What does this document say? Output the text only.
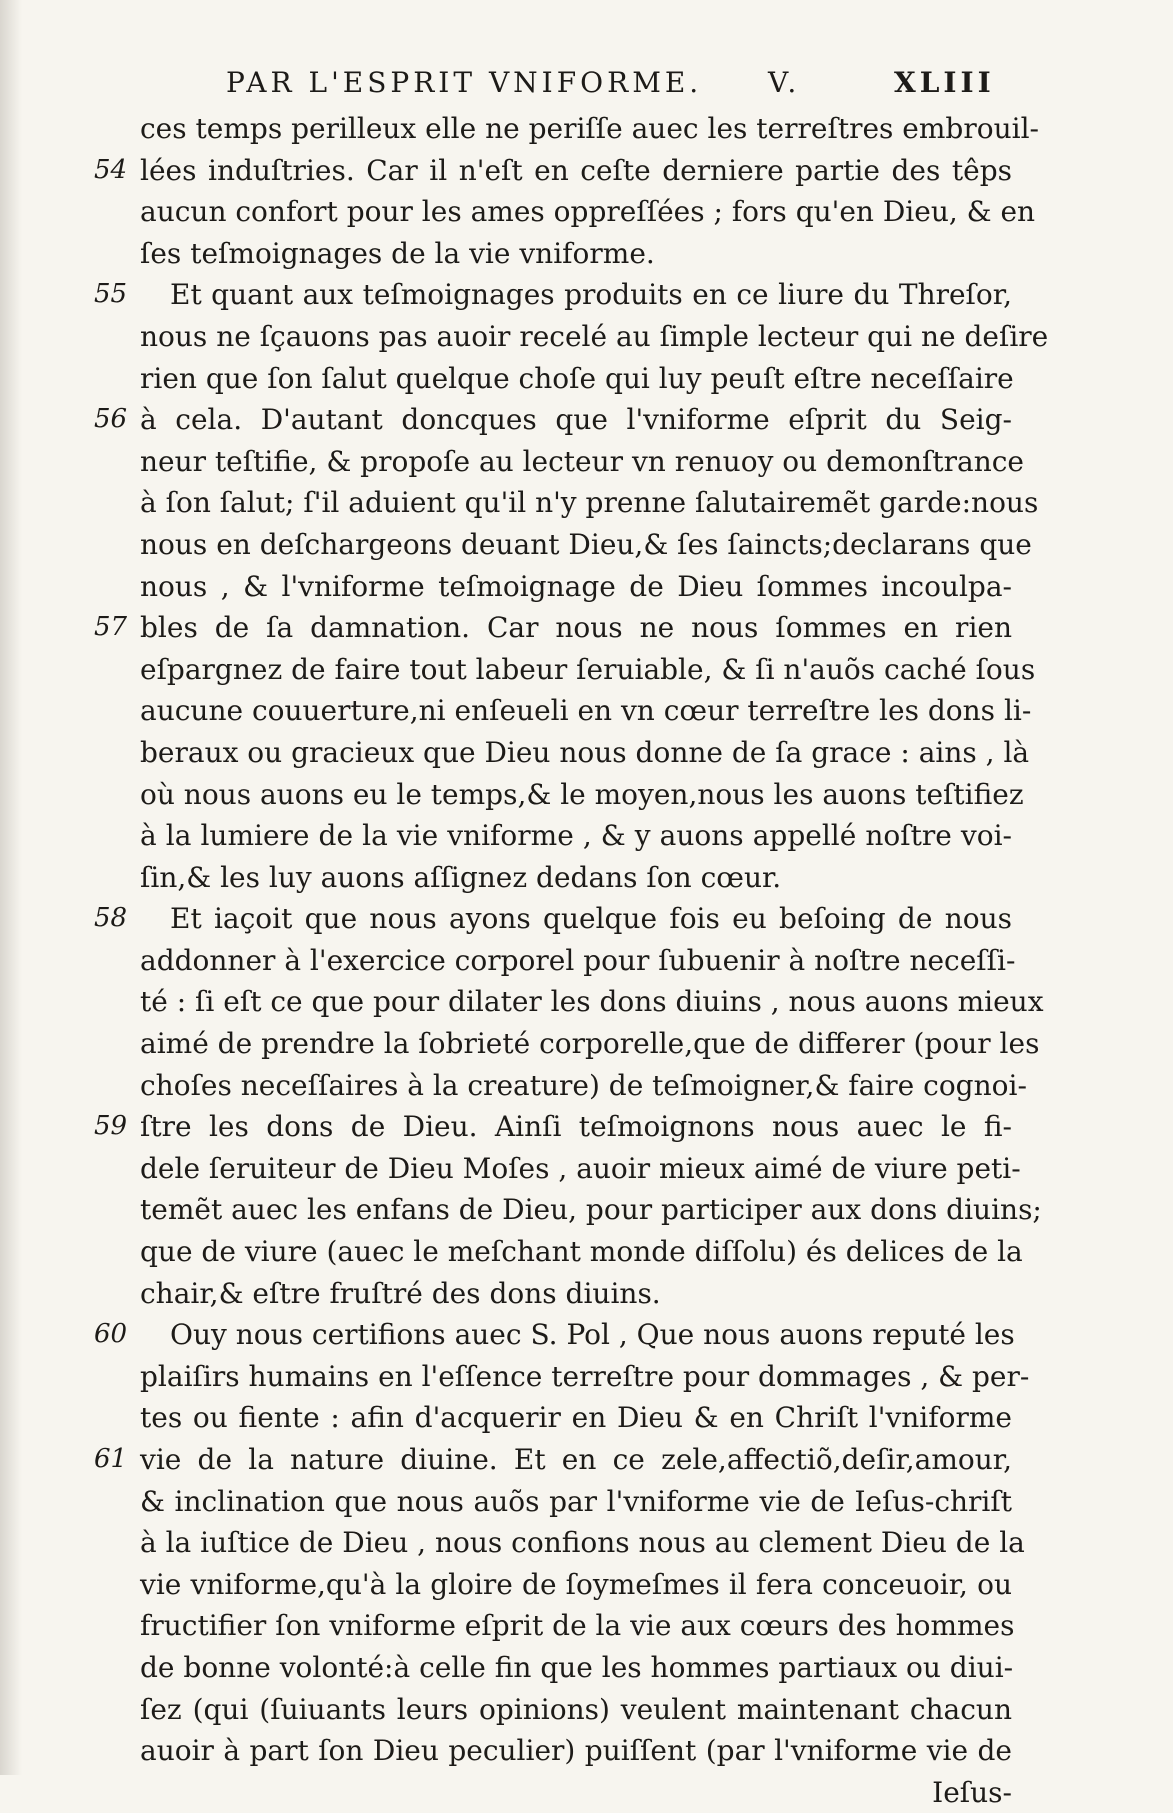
PAR L'ESPRIT VNIFORME. V.	XLIII
ces temps perilleux elle ne periſſe auec les terreſtres embrouil-
54 lées induſtries. Car il n'eſt en ceſte derniere partie des têps
aucun confort pour les ames oppreſſées ; fors qu'en Dieu, & en
ſes teſmoignages de la vie vniforme.
55 Et quant aux teſmoignages produits en ce liure du Threſor,
nous ne ſçauons pas auoir recelé au ſimple lecteur qui ne deſire
rien que ſon ſalut quelque choſe qui luy peuſt eſtre neceſſaire
56 à cela. D'autant doncques que l'vniforme eſprit du Seig-
neur teſtifie, & propoſe au lecteur vn renuoy ou demonſtrance
à ſon ſalut; ſ'il aduient qu'il n'y prenne ſalutairemẽt garde:nous
nous en deſchargeons deuant Dieu,& ſes ſaincts;declarans que
nous , & l'vniforme teſmoignage de Dieu ſommes incoulpa-
57 bles de ſa damnation. Car nous ne nous ſommes en rien
eſpargnez de faire tout labeur ſeruiable, & ſi n'auõs caché ſous
aucune couuerture,ni enſeueli en vn cœur terreſtre les dons li-
beraux ou gracieux que Dieu nous donne de ſa grace : ains , là
où nous auons eu le temps,& le moyen,nous les auons teſtifiez
à la lumiere de la vie vniforme , & y auons appellé noſtre voi-
ſin,& les luy auons aſſignez dedans ſon cœur.
58 Et iaçoit que nous ayons quelque fois eu beſoing de nous
addonner à l'exercice corporel pour ſubuenir à noſtre neceſſi-
té : ſi eſt ce que pour dilater les dons diuins , nous auons mieux
aimé de prendre la ſobrieté corporelle,que de differer (pour les
choſes neceſſaires à la creature) de teſmoigner,& faire cognoi-
59 ſtre les dons de Dieu. Ainſi teſmoignons nous auec le fi-
dele ſeruiteur de Dieu Moſes , auoir mieux aimé de viure peti-
temẽt auec les enfans de Dieu, pour participer aux dons diuins;
que de viure (auec le meſchant monde diſſolu) és delices de la
chair,& eſtre fruſtré des dons diuins.
60 Ouy nous certifions auec S. Pol , Que nous auons reputé les
plaiſirs humains en l'eſſence terreſtre pour dommages , & per-
tes ou fiente : afin d'acquerir en Dieu & en Chriſt l'vniforme
61 vie de la nature diuine. Et en ce zele,affectiõ,deſir,amour,
& inclination que nous auõs par l'vniforme vie de Ieſus-chriſt
à la iuſtice de Dieu , nous confions nous au clement Dieu de la
vie vniforme,qu'à la gloire de ſoymeſmes il fera conceuoir, ou
fructifier ſon vniforme eſprit de la vie aux cœurs des hommes
de bonne volonté:à celle fin que les hommes partiaux ou diui-
ſez (qui (ſuiuants leurs opinions) veulent maintenant chacun
auoir à part ſon Dieu peculier) puiſſent (par l'vniforme vie de
Ieſus-
